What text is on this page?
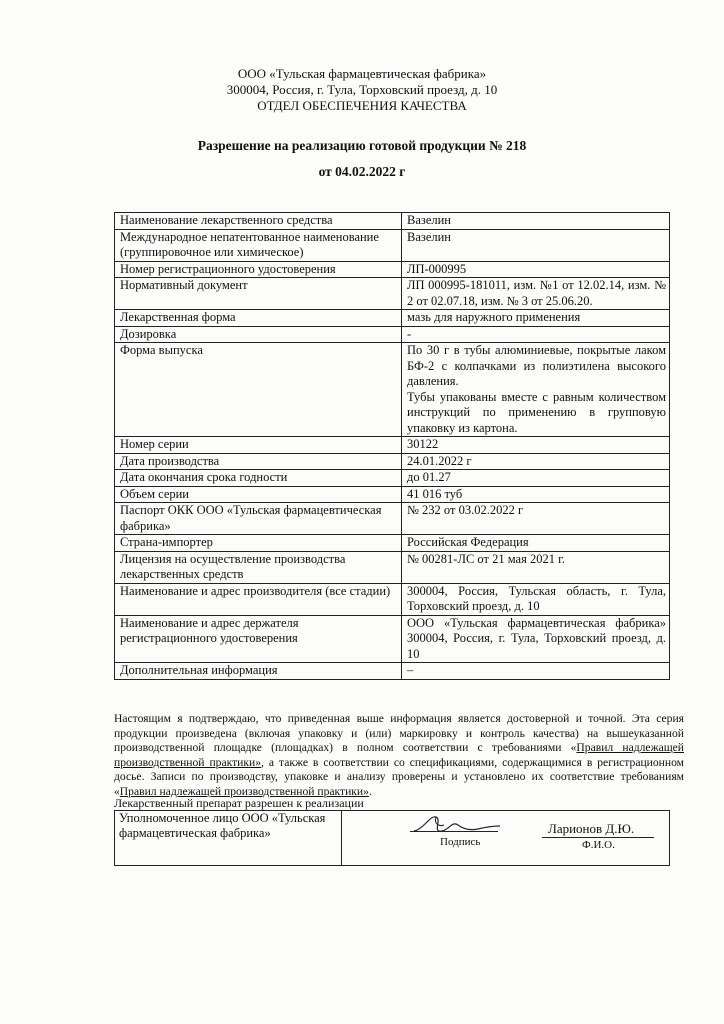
ООО «Тульская фармацевтическая фабрика»
300004, Россия, г. Тула, Торховский проезд, д. 10
ОТДЕЛ ОБЕСПЕЧЕНИЯ КАЧЕСТВА
Разрешение на реализацию готовой продукции № 218
от 04.02.2022 г
Наименование лекарственного средства	Вазелин

Международное непатентованное наименование (группировочное или химическое)	Вазелин

Номер регистрационного удостоверения	ЛП-000995

Нормативный документ	ЛП 000995-181011, изм. №1 от 12.02.14, изм. № 2 от 02.07.18, изм. № 3 от 25.06.20.

Лекарственная форма	мазь для наружного применения

Дозировка	-

Форма выпуска	По 30 г в тубы алюминиевые, покрытые лаком БФ-2 с колпачками из полиэтилена высокого давления.

Тубы упакованы вместе с равным количеством инструкций по применению в групповую упаковку из картона.

Номер серии	30122

Дата производства	24.01.2022 г

Дата окончания срока годности	до 01.27

Объем серии	41 016 туб

Паспорт ОКК ООО «Тульская фармацевтическая фабрика»	№ 232 от 03.02.2022 г

Страна-импортер	Российская Федерация

Лицензия на осуществление производства лекарственных средств	№ 00281-ЛС от 21 мая 2021 г.

Наименование и адрес производителя (все стадии)	300004, Россия, Тульская область, г. Тула, Торховский проезд, д. 10

Наименование и адрес держателя регистрационного удостоверения	ООО «Тульская фармацевтическая фабрика» 300004, Россия, г. Тула, Торховский проезд, д. 10

Дополнительная информация	–

Настоящим я подтверждаю, что приведенная выше информация является достоверной и точной. Эта серия продукции произведена (включая упаковку и (или) маркировку и контроль качества) на вышеуказанной производственной площадке (площадках) в полном соответствии с требованиями «Правил надлежащей производственной практики», а также в соответствии со спецификациями, содержащимися в регистрационном досье. Записи по производству, упаковке и анализу проверены и установлено их соответствие требованиям «Правил надлежащей производственной практики».

Лекарственный препарат разрешен к реализации
Уполномоченное лицо ООО «Тульская фармацевтическая фабрика»	
Подпись
Ларионов Д.Ю.
Ф.И.О.
